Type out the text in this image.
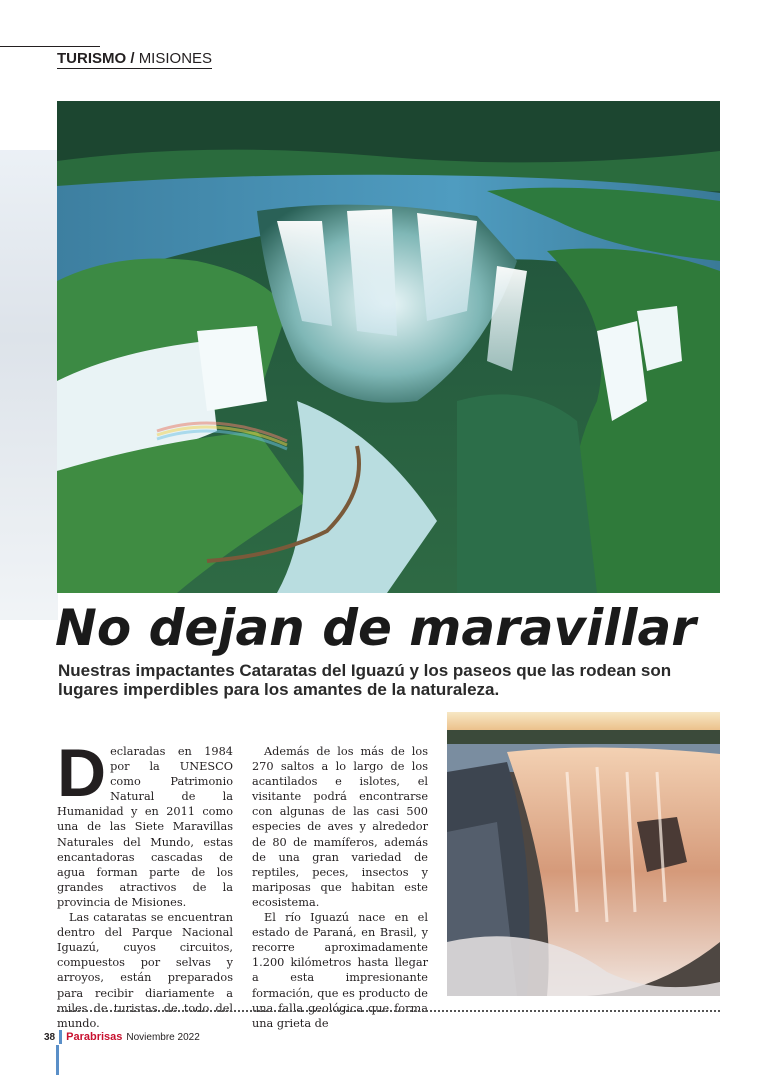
TURISMO / MISIONES
No dejan de maravillar

Nuestras impactantes Cataratas del Iguazú y los paseos que las rodean son lugares imperdibles para los amantes de la naturaleza.

D eclaradas en 1984 por la UNESCO como Patrimonio Natural de la Humanidad y en 2011 como una de las Siete Maravillas Naturales del Mundo, estas encantadoras cascadas de agua forman parte de los grandes atractivos de la provincia de Misiones.

Las cataratas se encuentran dentro del Parque Nacional Iguazú, cuyos circuitos, compuestos por selvas y arroyos, están preparados para recibir diariamente a miles de turistas de todo del mundo.

Además de los más de los 270 saltos a lo largo de los acantilados e islotes, el visitante podrá encontrarse con algunas de las casi 500 especies de aves y alrededor de 80 de mamíferos, además de una gran variedad de reptiles, peces, insectos y mariposas que habitan este ecosistema.

El río Iguazú nace en el estado de Paraná, en Brasil, y recorre aproximadamente 1.200 kilómetros hasta llegar a esta impresionante formación, que es producto de una falla geológica que forma una grieta de

38 Parabrisas Noviembre 2022
